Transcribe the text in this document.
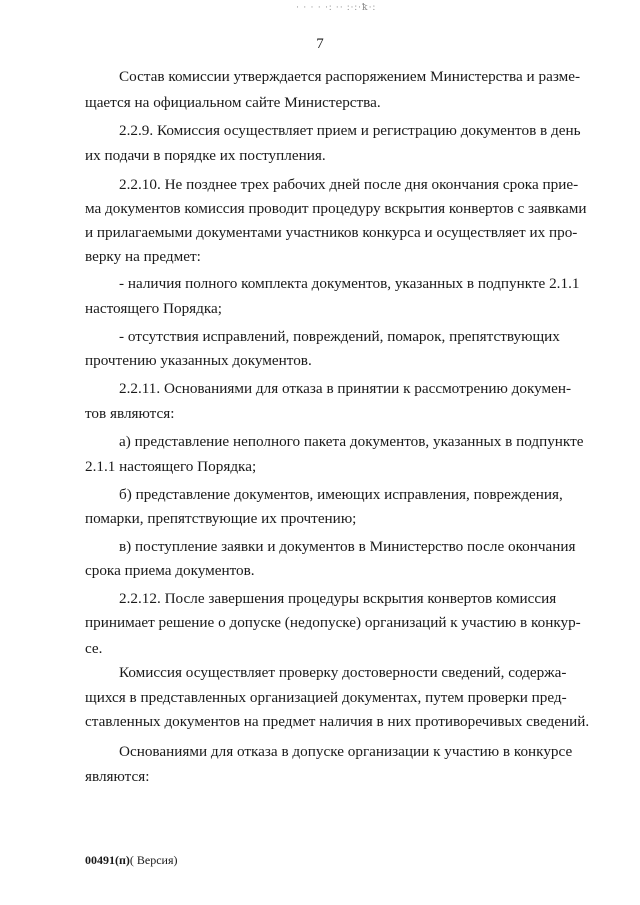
· · · · ·: ·· :·:·ꝁ·:
7
Состав комиссии утверждается распоряжением Министерства и разме-
щается на официальном сайте Министерства.
2.2.9. Комиссия осуществляет прием и регистрацию документов в день
их подачи в порядке их поступления.
2.2.10. Не позднее трех рабочих дней после дня окончания срока прие-
ма документов комиссия проводит процедуру вскрытия конвертов с заявками
и прилагаемыми документами участников конкурса и осуществляет их про-
верку на предмет:
- наличия полного комплекта документов, указанных в подпункте 2.1.1
настоящего Порядка;
- отсутствия исправлений, повреждений, помарок, препятствующих
прочтению указанных документов.
2.2.11. Основаниями для отказа в принятии к рассмотрению докумен-
тов являются:
а) представление неполного пакета документов, указанных в подпункте
2.1.1 настоящего Порядка;
б) представление документов, имеющих исправления, повреждения,
помарки, препятствующие их прочтению;
в) поступление заявки и документов в Министерство после окончания
срока приема документов.
2.2.12. После завершения процедуры вскрытия конвертов комиссия
принимает решение о допуске (недопуске) организаций к участию в конкур-
се.
Комиссия осуществляет проверку достоверности сведений, содержа-
щихся в представленных организацией документах, путем проверки пред-
ставленных документов на предмет наличия в них противоречивых сведений.
Основаниями для отказа в допуске организации к участию в конкурсе
являются:
00491(п)( Версия)
